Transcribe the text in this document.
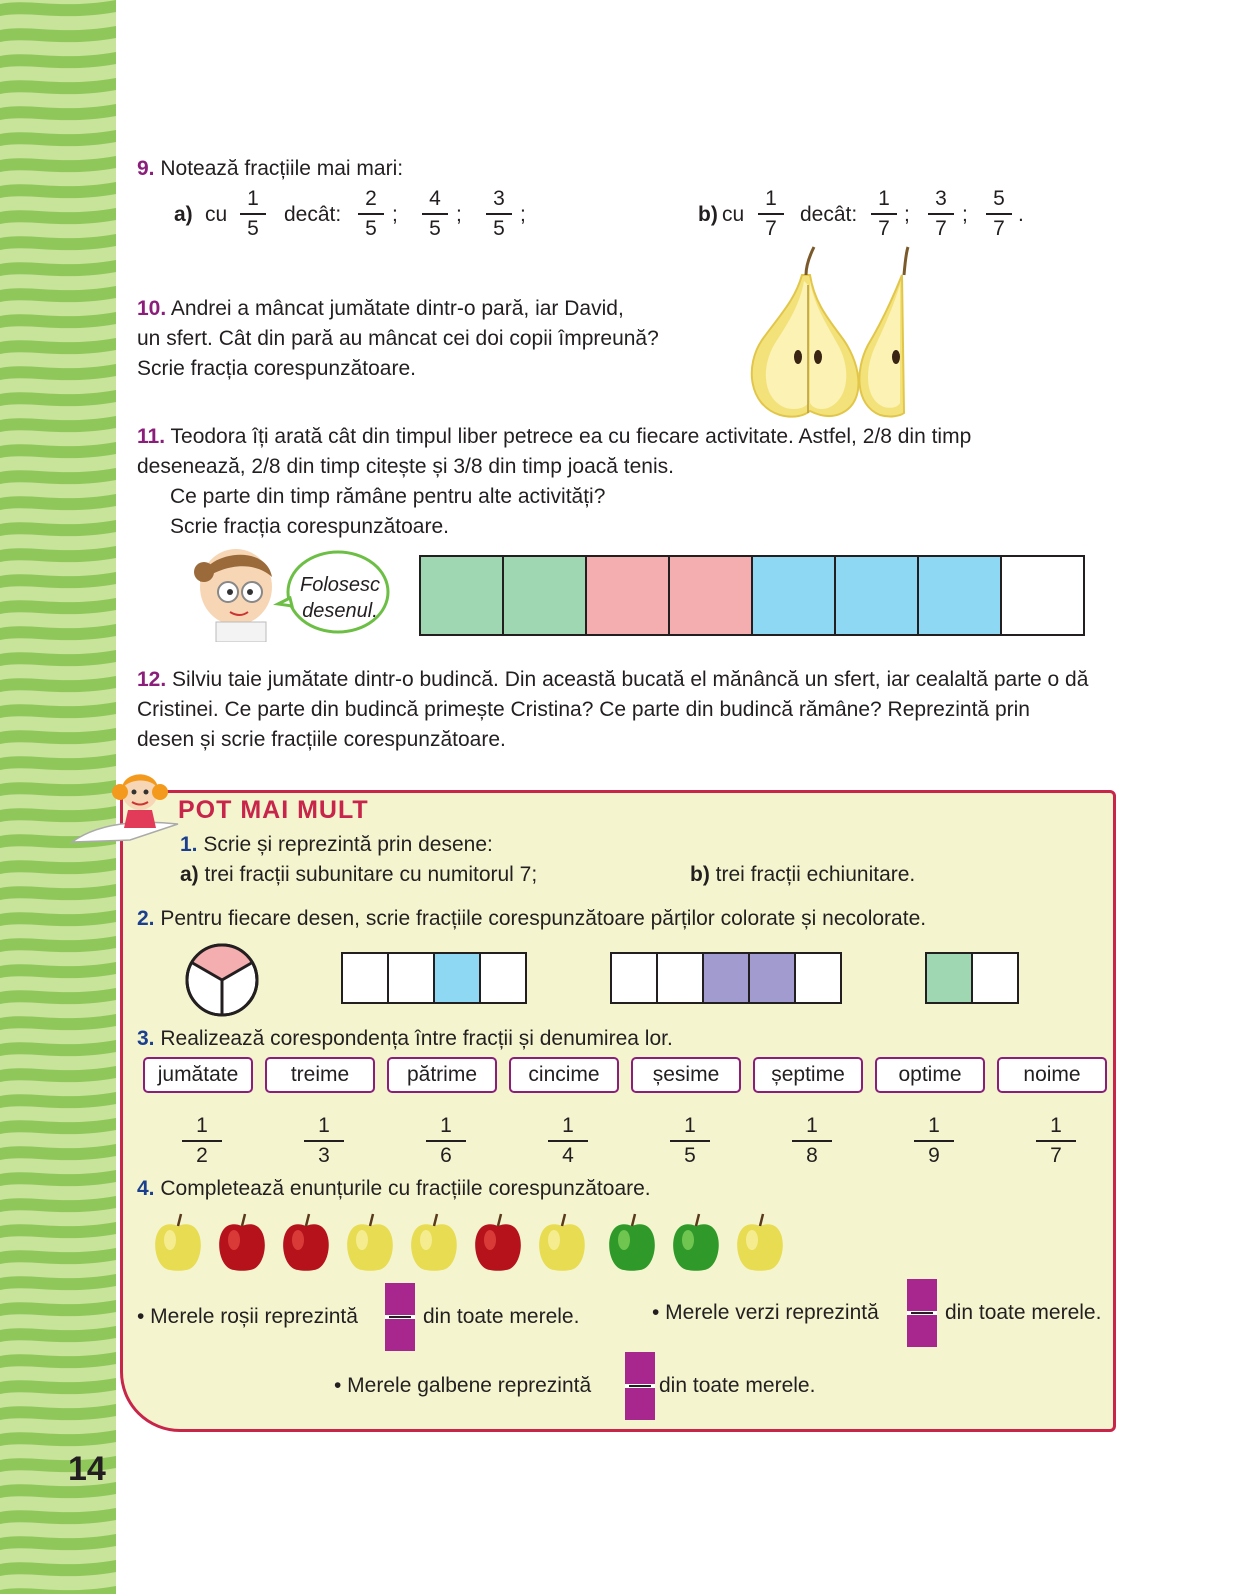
9. Notează fracțiile mai mari:
a) cu
1
5
decât:
2
5
;
4
5
;
3
5
;	b) cu
1
7
decât:
1
7
;
3
7
;
5
7
.
10. Andrei a mâncat jumătate dintr-o pară, iar David,
un sfert. Cât din pară au mâncat cei doi copii împreună?
Scrie fracția corespunzătoare.
11. Teodora îți arată cât din timpul liber petrece ea cu fiecare activitate. Astfel, 2/8 din timp
desenează, 2/8 din timp citește și 3/8 din timp joacă tenis.
Ce parte din timp rămâne pentru alte activități?
Scrie fracția corespunzătoare.
Folosesc
desenul.
12. Silviu taie jumătate dintr-o budincă. Din această bucată el mănâncă un sfert, iar cealaltă parte o dă
Cristinei. Ce parte din budincă primește Cristina? Ce parte din budincă rămâne? Reprezintă prin
desen și scrie fracțiile corespunzătoare.
POT MAI MULT
1. Scrie și reprezintă prin desene:
a) trei fracții subunitare cu numitorul 7;	b) trei fracții echiunitare.
2. Pentru fiecare desen, scrie fracțiile corespunzătoare părților colorate și necolorate.
3. Realizează corespondența între fracții și denumirea lor.
jumătate	treime	pătrime	cincime	șesime	șeptime	optime	noime
1
2
1
3
1
6
1
4
1
5
1
8
1
9
1
7
4. Completează enunțurile cu fracțiile corespunzătoare.
• Merele roșii reprezintă	din toate merele.	• Merele verzi reprezintă	din toate merele.
• Merele galbene reprezintă	din toate merele.
14
